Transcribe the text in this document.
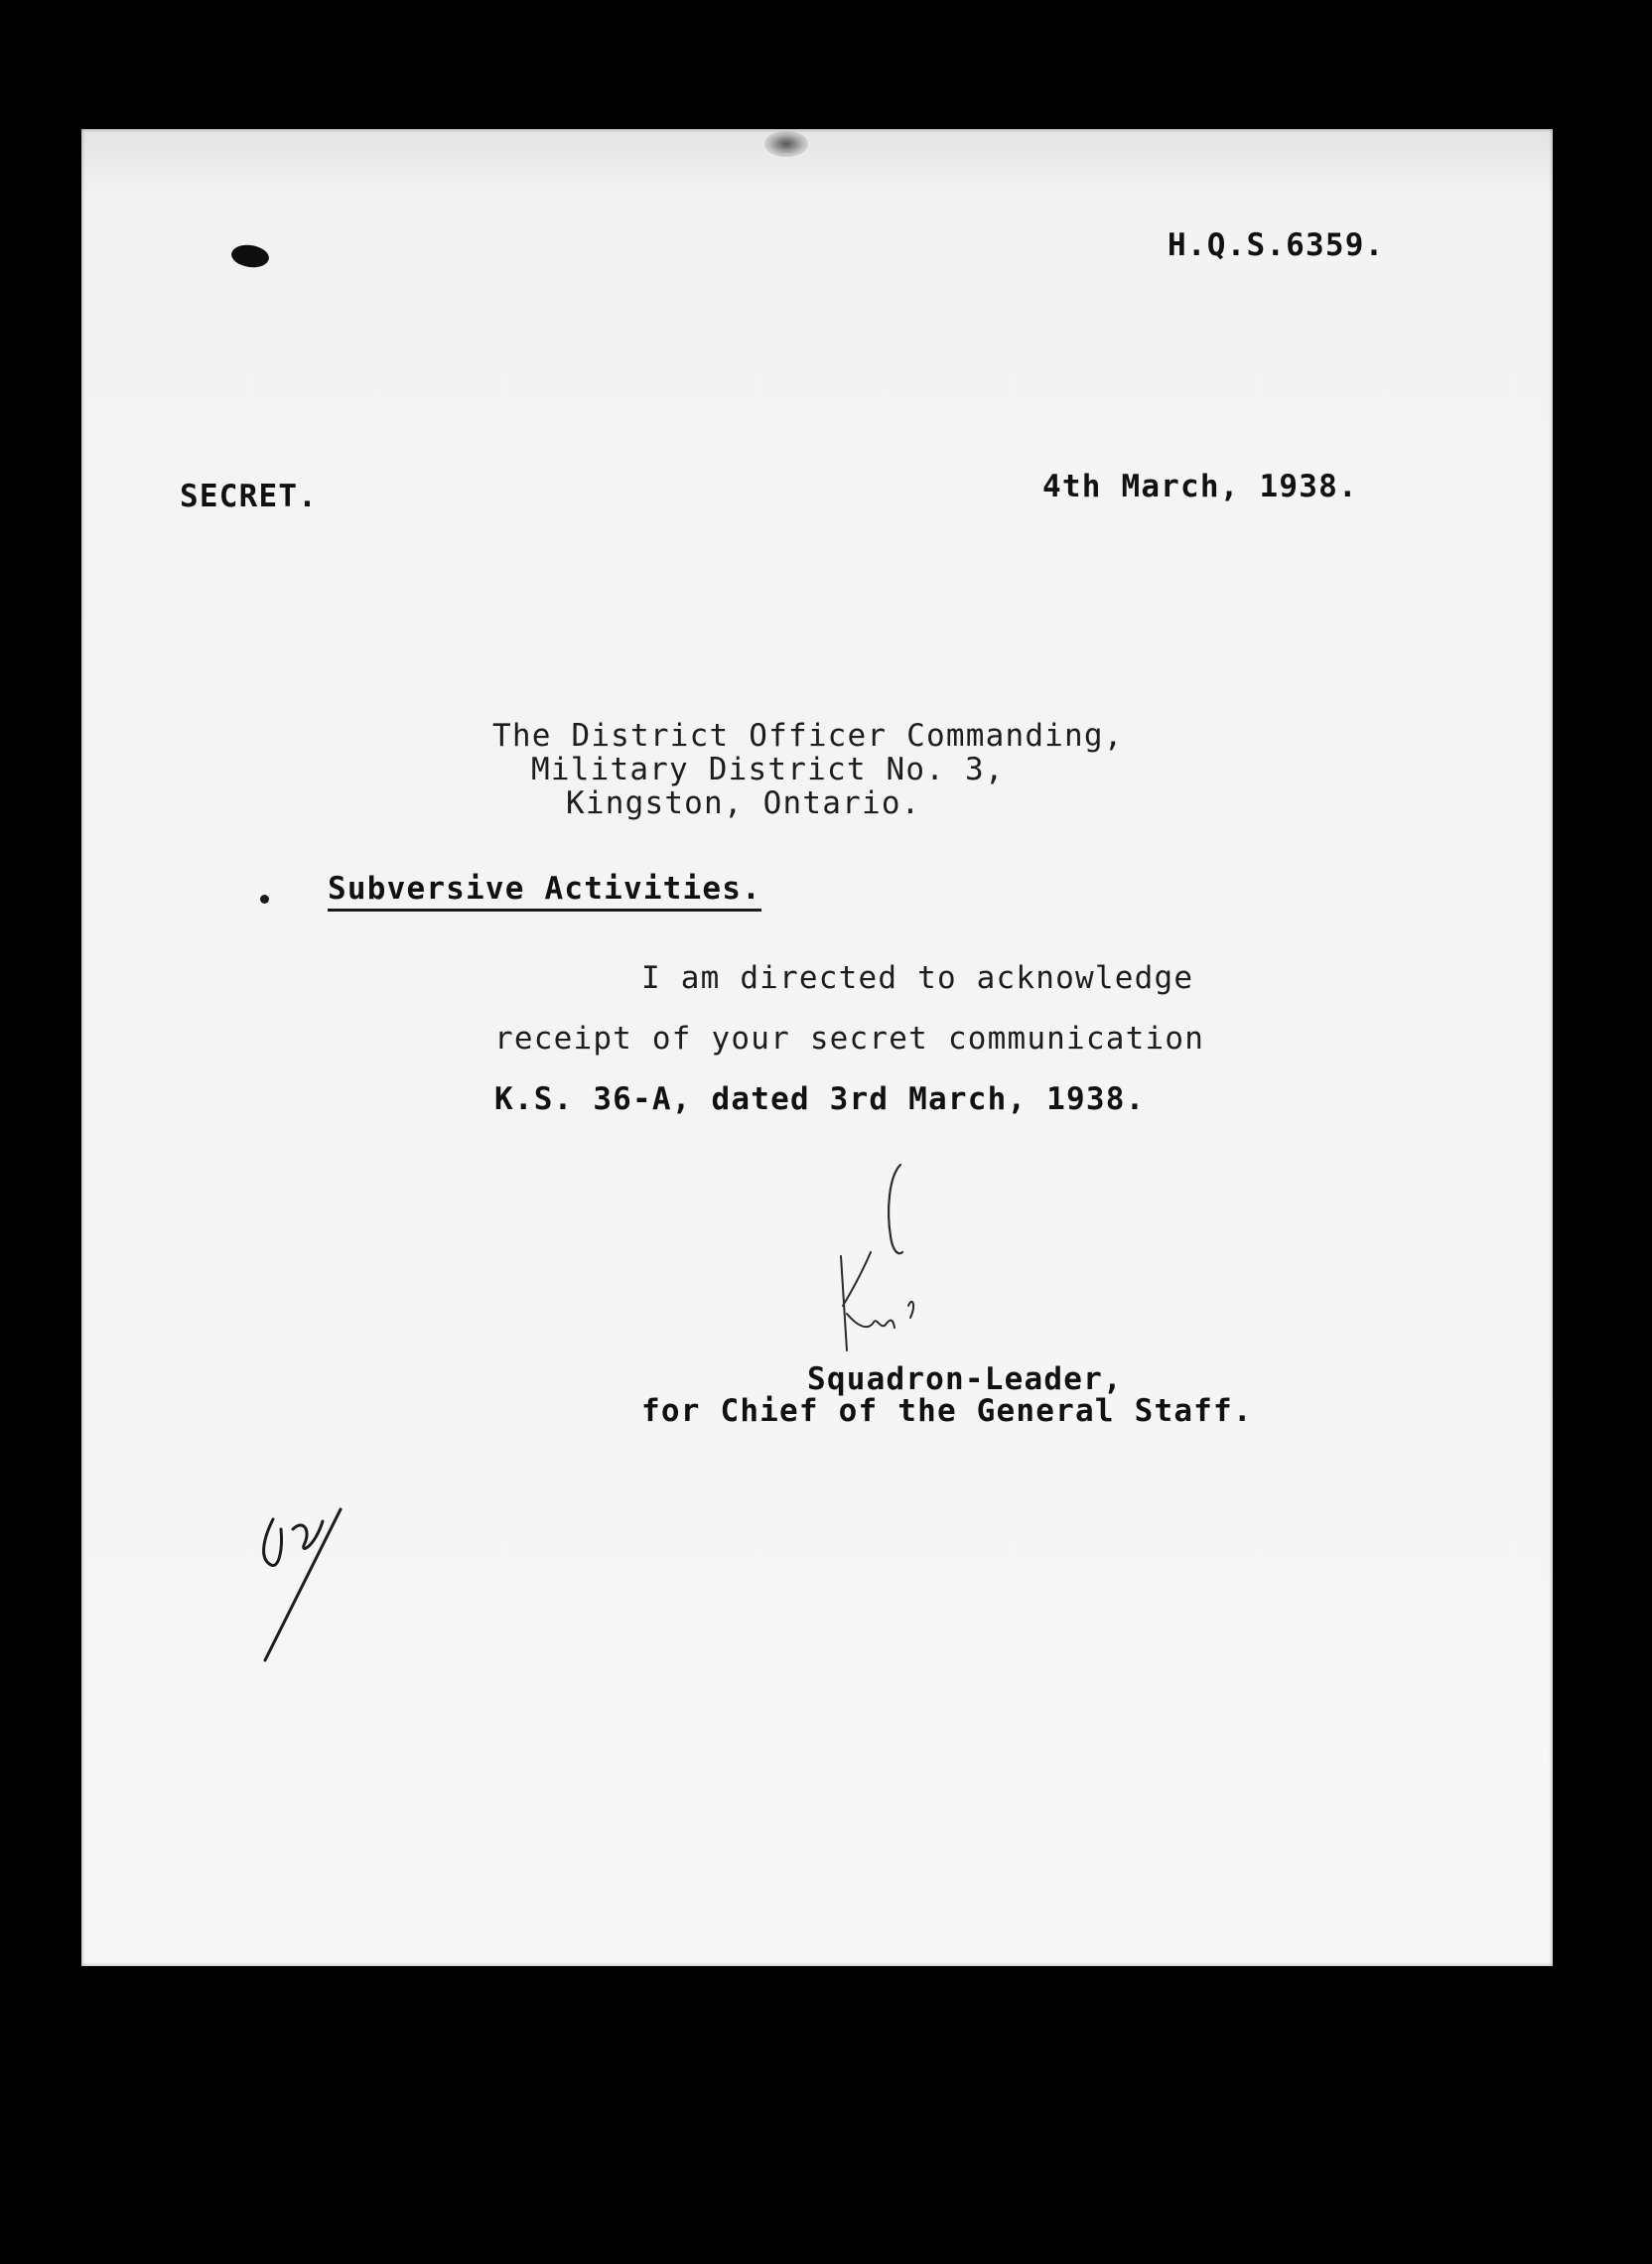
H.Q.S.6359.

SECRET.	4th March, 1938.

The District Officer Commanding,

Military District No. 3,

Kingston, Ontario.

Subversive Activities.

I am directed to acknowledge

receipt of your secret communication

K.S. 36-A, dated 3rd March, 1938.

Squadron-Leader,

for Chief of the General Staff.
